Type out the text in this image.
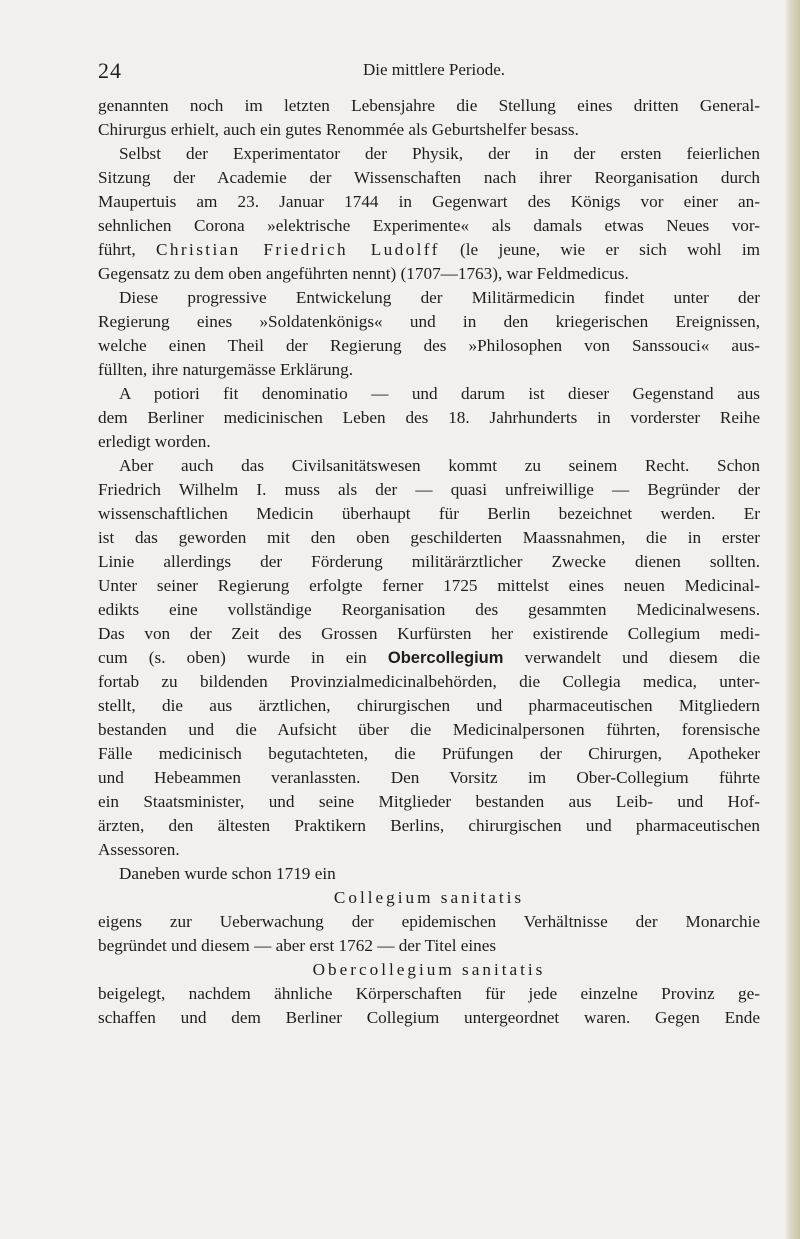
24	Die mittlere Periode.

genannten noch im letzten Lebensjahre die Stellung eines dritten General-
Chirurgus erhielt, auch ein gutes Renommée als Geburtshelfer besass.

Selbst der Experimentator der Physik, der in der ersten feierlichen
Sitzung der Academie der Wissenschaften nach ihrer Reorganisation durch
Maupertuis am 23. Januar 1744 in Gegenwart des Königs vor einer an-
sehnlichen Corona »elektrische Experimente« als damals etwas Neues vor-
führt, Christian Friedrich Ludolff (le jeune, wie er sich wohl im
Gegensatz zu dem oben angeführten nennt) (1707—1763), war Feldmedicus.

Diese progressive Entwickelung der Militärmedicin findet unter der
Regierung eines »Soldatenkönigs« und in den kriegerischen Ereignissen,
welche einen Theil der Regierung des »Philosophen von Sanssouci« aus-
füllten, ihre naturgemässe Erklärung.

A potiori fit denominatio — und darum ist dieser Gegenstand aus
dem Berliner medicinischen Leben des 18. Jahrhunderts in vorderster Reihe
erledigt worden.

Aber auch das Civilsanitätswesen kommt zu seinem Recht. Schon
Friedrich Wilhelm I. muss als der — quasi unfreiwillige — Begründer der
wissenschaftlichen Medicin überhaupt für Berlin bezeichnet werden. Er
ist das geworden mit den oben geschilderten Maassnahmen, die in erster
Linie allerdings der Förderung militärärztlicher Zwecke dienen sollten.
Unter seiner Regierung erfolgte ferner 1725 mittelst eines neuen Medicinal-
edikts eine vollständige Reorganisation des gesammten Medicinalwesens.
Das von der Zeit des Grossen Kurfürsten her existirende Collegium medi-
cum (s. oben) wurde in ein Obercollegium verwandelt und diesem die
fortab zu bildenden Provinzialmedicinalbehörden, die Collegia medica, unter-
stellt, die aus ärztlichen, chirurgischen und pharmaceutischen Mitgliedern
bestanden und die Aufsicht über die Medicinalpersonen führten, forensische
Fälle medicinisch begutachteten, die Prüfungen der Chirurgen, Apotheker
und Hebeammen veranlassten. Den Vorsitz im Ober-Collegium führte
ein Staatsminister, und seine Mitglieder bestanden aus Leib- und Hof-
ärzten, den ältesten Praktikern Berlins, chirurgischen und pharmaceutischen
Assessoren.

Daneben wurde schon 1719 ein

Collegium sanitatis

eigens zur Ueberwachung der epidemischen Verhältnisse der Monarchie
begründet und diesem — aber erst 1762 — der Titel eines

Obercollegium sanitatis

beigelegt, nachdem ähnliche Körperschaften für jede einzelne Provinz ge-
schaffen und dem Berliner Collegium untergeordnet waren. Gegen Ende
